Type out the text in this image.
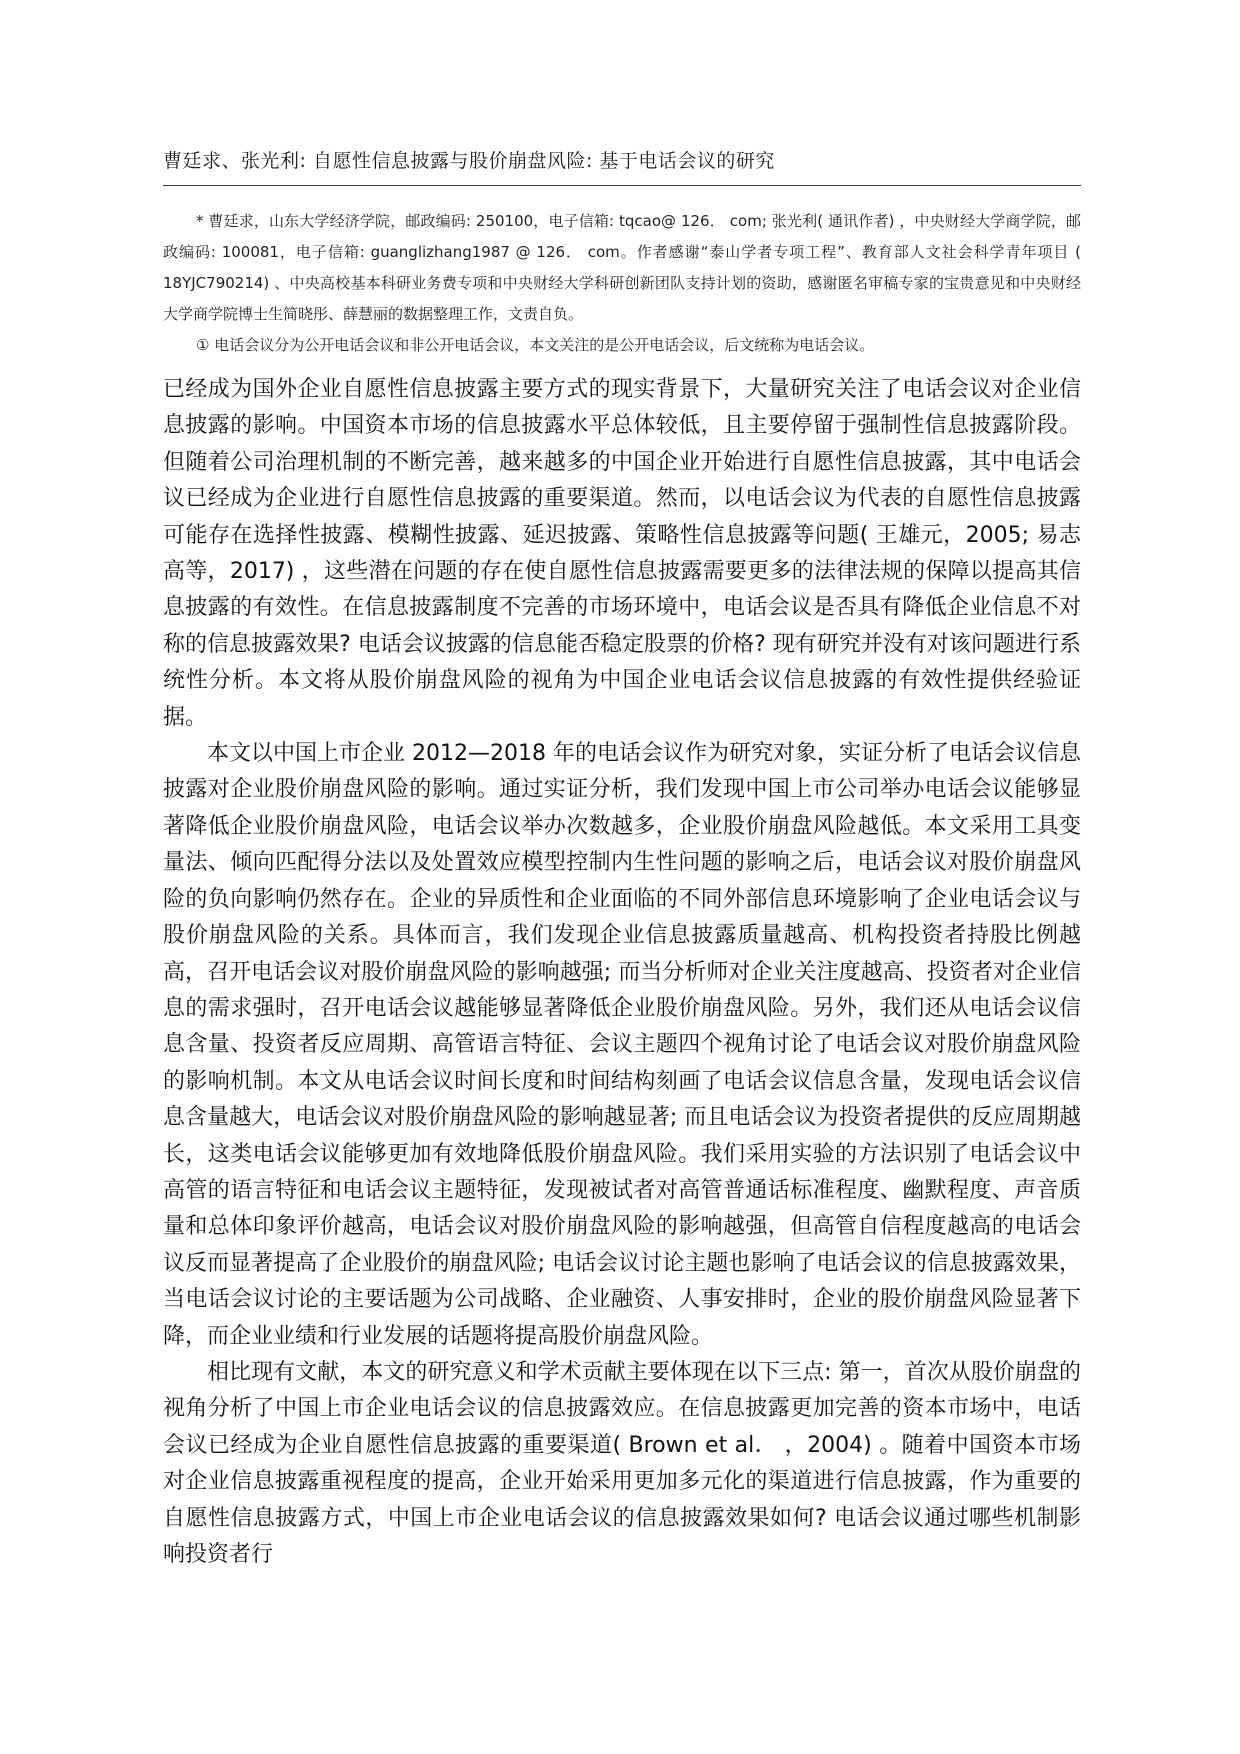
曹廷求、张光利: 自愿性信息披露与股价崩盘风险: 基于电话会议的研究

* 曹廷求，山东大学经济学院，邮政编码: 250100，电子信箱: tqcao@ 126． com; 张光利( 通讯作者) ，中央财经大学商学院，邮政编码: 100081，电子信箱: guanglizhang1987 @ 126． com。作者感谢“泰山学者专项工程”、教育部人文社会科学青年项目 ( 18YJC790214) 、中央高校基本科研业务费专项和中央财经大学科研创新团队支持计划的资助，感谢匿名审稿专家的宝贵意见和中央财经大学商学院博士生简晓彤、薛慧丽的数据整理工作，文责自负。

① 电话会议分为公开电话会议和非公开电话会议，本文关注的是公开电话会议，后文统称为电话会议。

已经成为国外企业自愿性信息披露主要方式的现实背景下，大量研究关注了电话会议对企业信息披露的影响。中国资本市场的信息披露水平总体较低，且主要停留于强制性信息披露阶段。但随着公司治理机制的不断完善，越来越多的中国企业开始进行自愿性信息披露，其中电话会议已经成为企业进行自愿性信息披露的重要渠道。然而，以电话会议为代表的自愿性信息披露可能存在选择性披露、模糊性披露、延迟披露、策略性信息披露等问题( 王雄元，2005; 易志高等，2017) ，这些潜在问题的存在使自愿性信息披露需要更多的法律法规的保障以提高其信息披露的有效性。在信息披露制度不完善的市场环境中，电话会议是否具有降低企业信息不对称的信息披露效果? 电话会议披露的信息能否稳定股票的价格? 现有研究并没有对该问题进行系统性分析。本文将从股价崩盘风险的视角为中国企业电话会议信息披露的有效性提供经验证据。

本文以中国上市企业 2012—2018 年的电话会议作为研究对象，实证分析了电话会议信息披露对企业股价崩盘风险的影响。通过实证分析，我们发现中国上市公司举办电话会议能够显著降低企业股价崩盘风险，电话会议举办次数越多，企业股价崩盘风险越低。本文采用工具变量法、倾向匹配得分法以及处置效应模型控制内生性问题的影响之后，电话会议对股价崩盘风险的负向影响仍然存在。企业的异质性和企业面临的不同外部信息环境影响了企业电话会议与股价崩盘风险的关系。具体而言，我们发现企业信息披露质量越高、机构投资者持股比例越高，召开电话会议对股价崩盘风险的影响越强; 而当分析师对企业关注度越高、投资者对企业信息的需求强时，召开电话会议越能够显著降低企业股价崩盘风险。另外，我们还从电话会议信息含量、投资者反应周期、高管语言特征、会议主题四个视角讨论了电话会议对股价崩盘风险的影响机制。本文从电话会议时间长度和时间结构刻画了电话会议信息含量，发现电话会议信息含量越大，电话会议对股价崩盘风险的影响越显著; 而且电话会议为投资者提供的反应周期越长，这类电话会议能够更加有效地降低股价崩盘风险。我们采用实验的方法识别了电话会议中高管的语言特征和电话会议主题特征，发现被试者对高管普通话标准程度、幽默程度、声音质量和总体印象评价越高，电话会议对股价崩盘风险的影响越强，但高管自信程度越高的电话会议反而显著提高了企业股价的崩盘风险; 电话会议讨论主题也影响了电话会议的信息披露效果，当电话会议讨论的主要话题为公司战略、企业融资、人事安排时，企业的股价崩盘风险显著下降，而企业业绩和行业发展的话题将提高股价崩盘风险。

相比现有文献，本文的研究意义和学术贡献主要体现在以下三点: 第一，首次从股价崩盘的视角分析了中国上市企业电话会议的信息披露效应。在信息披露更加完善的资本市场中，电话会议已经成为企业自愿性信息披露的重要渠道( Brown et al． ，2004) 。随着中国资本市场对企业信息披露重视程度的提高，企业开始采用更加多元化的渠道进行信息披露，作为重要的自愿性信息披露方式，中国上市企业电话会议的信息披露效果如何? 电话会议通过哪些机制影响投资者行
